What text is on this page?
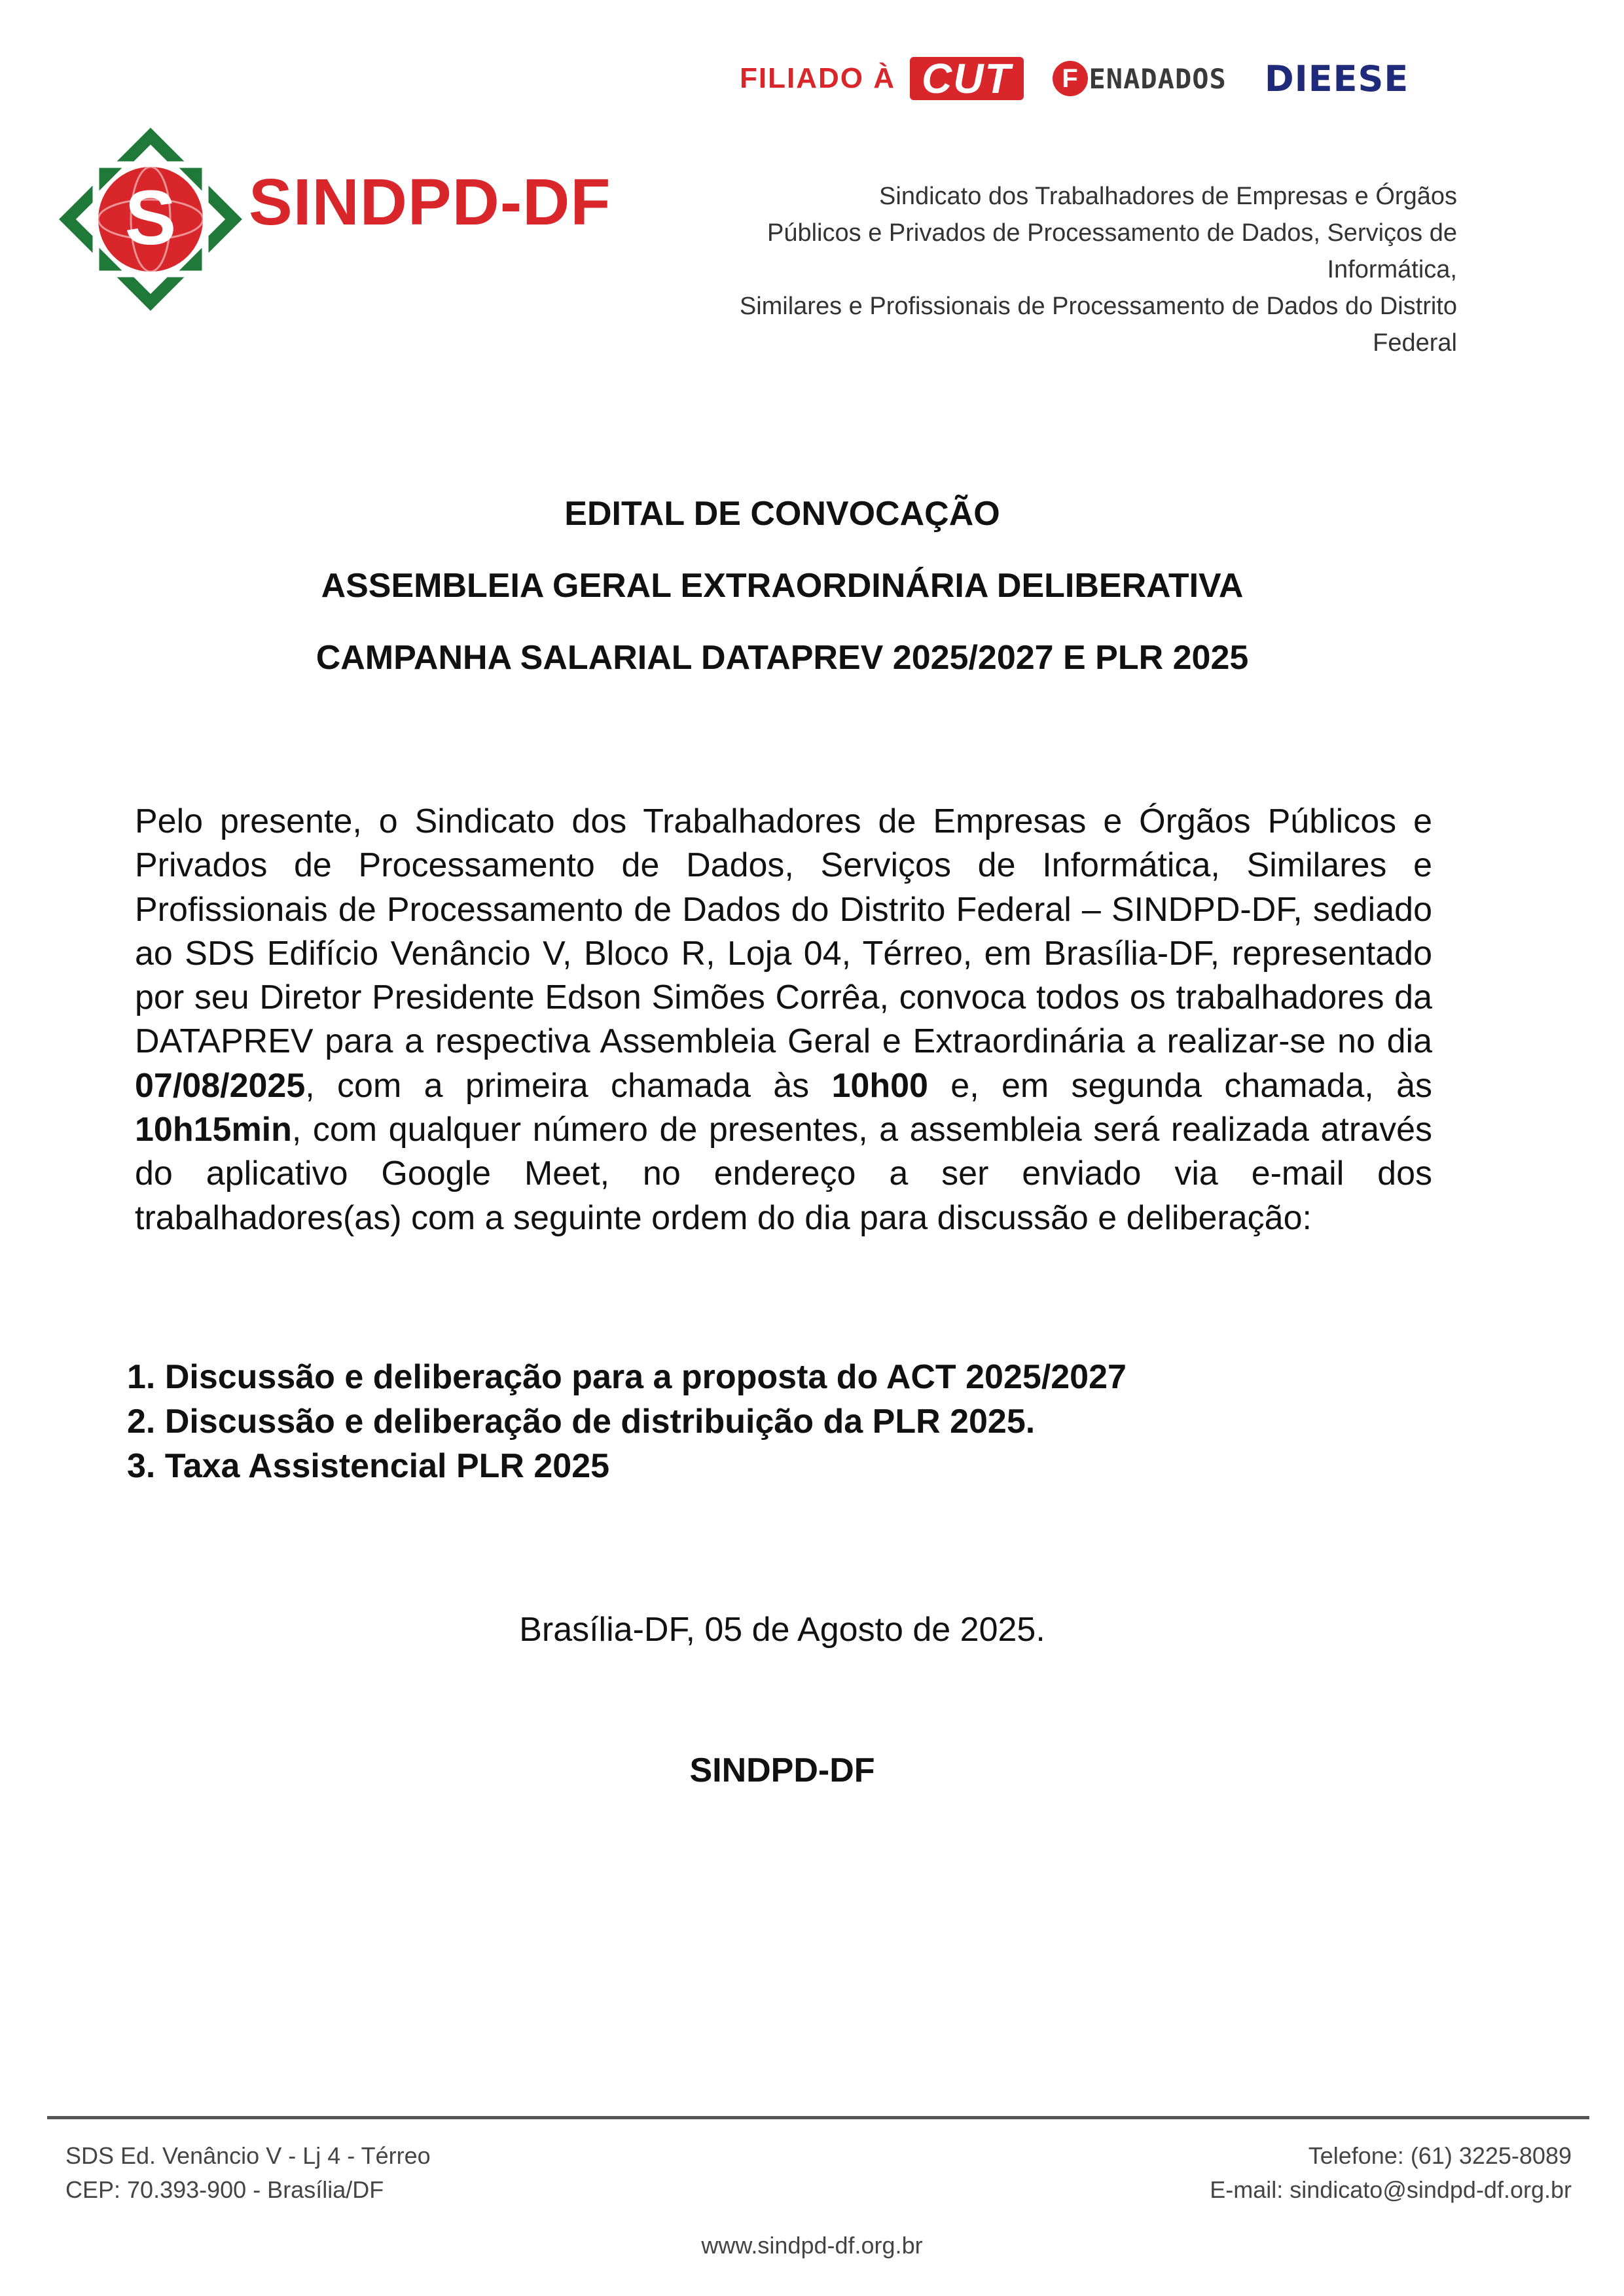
FILIADO À CUT	F ENADADOS DIEESE
S SINDPD-DF	Sindicato dos Trabalhadores de Empresas e Órgãos
Públicos e Privados de Processamento de Dados, Serviços de Informática,
Similares e Profissionais de Processamento de Dados do Distrito Federal
EDITAL DE CONVOCAÇÃO
ASSEMBLEIA GERAL EXTRAORDINÁRIA DELIBERATIVA
CAMPANHA SALARIAL DATAPREV 2025/2027 E PLR 2025

Pelo presente, o Sindicato dos Trabalhadores de Empresas e Órgãos Públicos e Privados de Processamento de Dados, Serviços de Informática, Similares e Profissionais de Processamento de Dados do Distrito Federal – SINDPD-DF, sediado ao SDS Edifício Venâncio V, Bloco R, Loja 04, Térreo, em Brasília-DF, representado por seu Diretor Presidente Edson Simões Corrêa, convoca todos os trabalhadores da DATAPREV para a respectiva Assembleia Geral e Extraordinária a realizar-se no dia 07/08/2025, com a primeira chamada às 10h00 e, em segunda chamada, às 10h15min, com qualquer número de presentes, a assembleia será realizada através do aplicativo Google Meet, no endereço a ser enviado via e-mail dos trabalhadores(as) com a seguinte ordem do dia para discussão e deliberação:

1. Discussão e deliberação para a proposta do ACT 2025/2027
2. Discussão e deliberação de distribuição da PLR 2025.
3. Taxa Assistencial PLR 2025
Brasília-DF, 05 de Agosto de 2025.
SINDPD-DF
SDS Ed. Venâncio V - Lj 4 - Térreo
CEP: 70.393-900 - Brasília/DF
Telefone: (61) 3225-8089
E-mail: sindicato@sindpd-df.org.br
www.sindpd-df.org.br
